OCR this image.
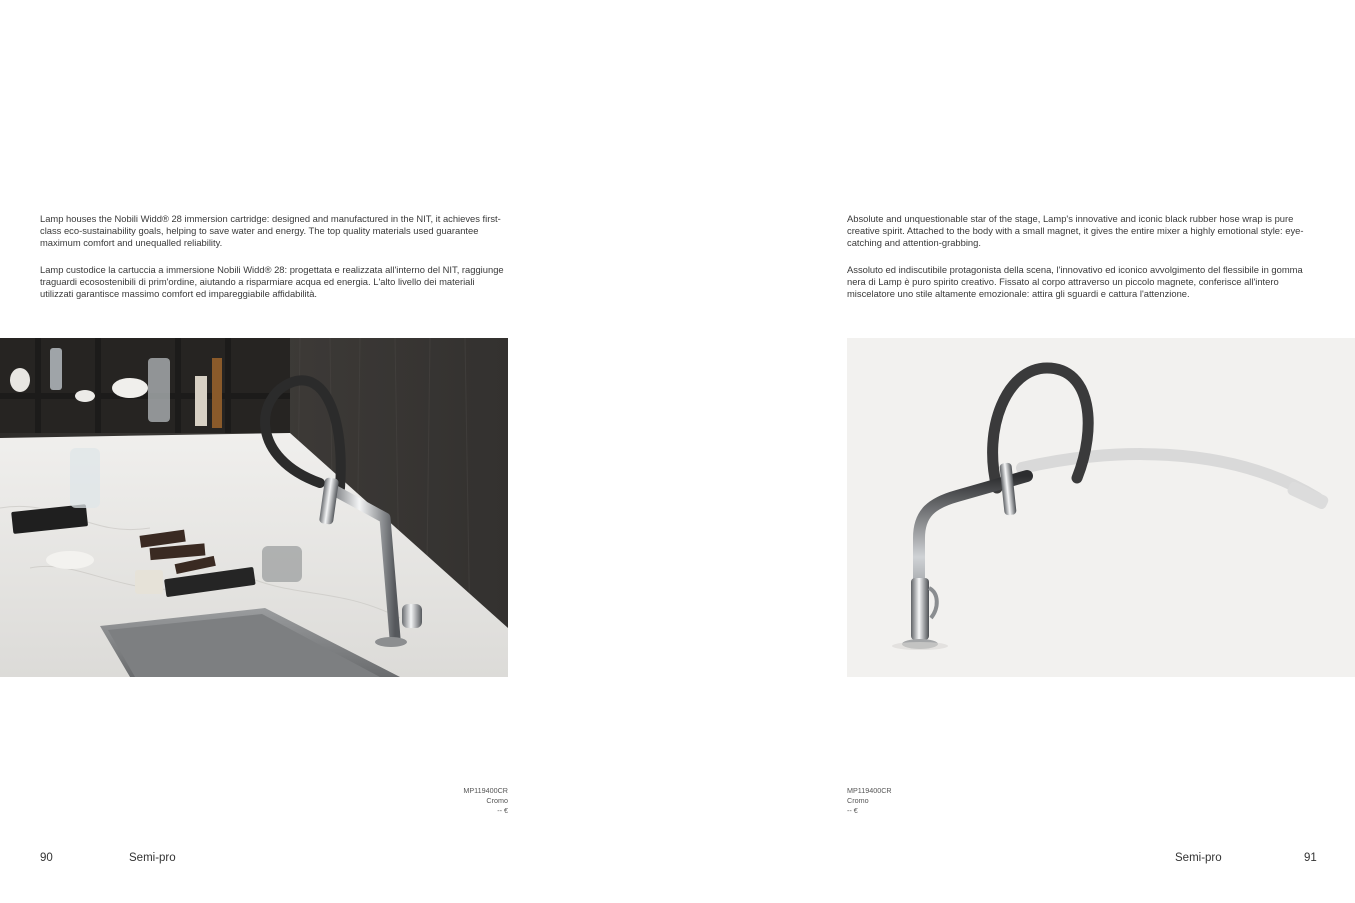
Lamp houses the Nobili Widd® 28 immersion cartridge: designed and manufactured in the NIT, it achieves first-class eco-sustainability goals, helping to save water and energy. The top quality materials used guarantee maximum comfort and unequalled reliability.

Lamp custodice la cartuccia a immersione Nobili Widd® 28: progettata e realizzata all'interno del NIT, raggiunge traguardi ecosostenibili di prim'ordine, aiutando a risparmiare acqua ed energia. L'alto livello dei materiali utilizzati garantisce massimo comfort ed impareggiabile affidabilità.

MP119400CR
Cromo
-- €
90	Semi-pro

Absolute and unquestionable star of the stage, Lamp's innovative and iconic black rubber hose wrap is pure creative spirit. Attached to the body with a small magnet, it gives the entire mixer a highly emotional style: eye-catching and attention-grabbing.

Assoluto ed indiscutibile protagonista della scena, l'innovativo ed iconico avvolgimento del flessibile in gomma nera di Lamp è puro spirito creativo. Fissato al corpo attraverso un piccolo magnete, conferisce all'intero miscelatore uno stile altamente emozionale: attira gli sguardi e cattura l'attenzione.

MP119400CR
Cromo
-- €
Semi-pro	91
